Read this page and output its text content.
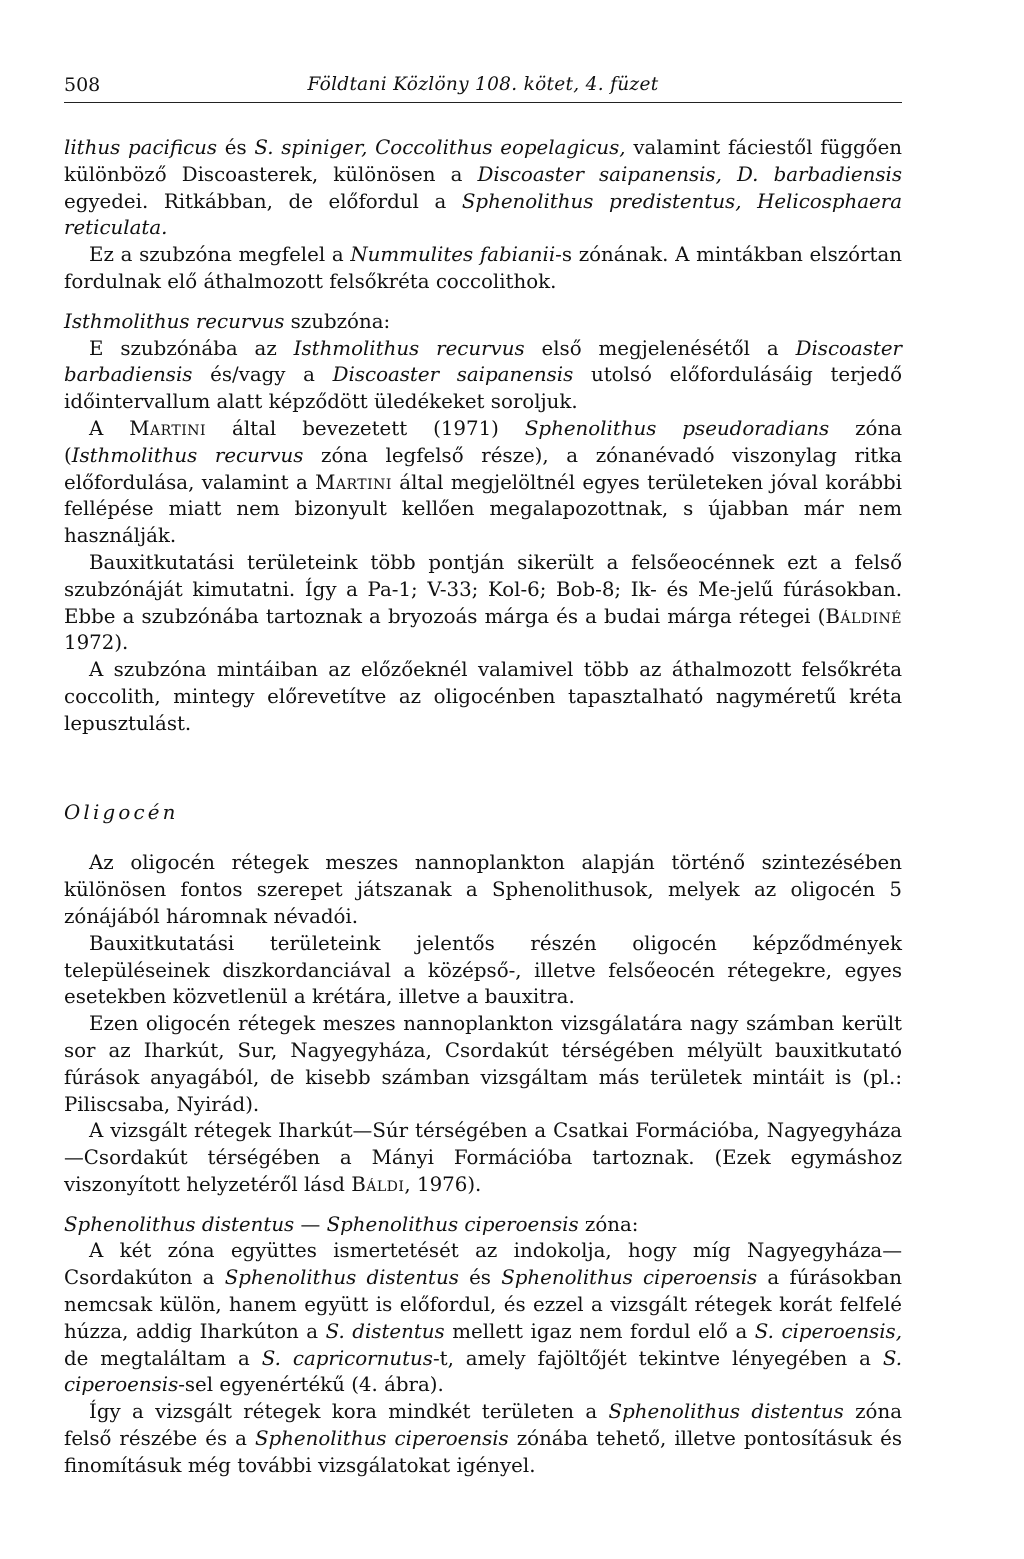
508	Földtani Közlöny 108. kötet, 4. füzet

lithus pacificus és S. spiniger, Coccolithus eopelagicus, valamint fáciestől függően különböző Discoasterek, különösen a Discoaster saipanensis, D. barbadiensis egyedei. Ritkábban, de előfordul a Sphenolithus predistentus, Helicosphaera reticulata.

Ez a szubzóna megfelel a Nummulites fabianii-s zónának. A mintákban elszórtan fordulnak elő áthalmozott felsőkréta coccolithok.

Isthmolithus recurvus szubzóna:

E szubzónába az Isthmolithus recurvus első megjelenésétől a Discoaster barbadiensis és/vagy a Discoaster saipanensis utolsó előfordulásáig terjedő időintervallum alatt képződött üledékeket soroljuk.

A Martini által bevezetett (1971) Sphenolithus pseudoradians zóna (Isthmolithus recurvus zóna legfelső része), a zónanévadó viszonylag ritka előfordulása, valamint a Martini által megjelöltnél egyes területeken jóval korábbi fellépése miatt nem bizonyult kellően megalapozottnak, s újabban már nem használják.

Bauxitkutatási területeink több pontján sikerült a felsőeocénnek ezt a felső szubzónáját kimutatni. Így a Pa-1; V-33; Kol-6; Bob-8; Ik- és Me-jelű fúrásokban. Ebbe a szubzónába tartoznak a bryozoás márga és a budai márga rétegei (Báldiné 1972).

A szubzóna mintáiban az előzőeknél valamivel több az áthalmozott felsőkréta coccolith, mintegy előrevetítve az oligocénben tapasztalható nagyméretű kréta lepusztulást.

Oligocén

Az oligocén rétegek meszes nannoplankton alapján történő szintezésében különösen fontos szerepet játszanak a Sphenolithusok, melyek az oligocén 5 zónájából háromnak névadói.

Bauxitkutatási területeink jelentős részén oligocén képződmények településeinek diszkordanciával a középső-, illetve felsőeocén rétegekre, egyes esetekben közvetlenül a krétára, illetve a bauxitra.

Ezen oligocén rétegek meszes nannoplankton vizsgálatára nagy számban került sor az Iharkút, Sur, Nagyegyháza, Csordakút térségében mélyült bauxitkutató fúrások anyagából, de kisebb számban vizsgáltam más területek mintáit is (pl.: Piliscsaba, Nyirád).

A vizsgált rétegek Iharkút—Súr térségében a Csatkai Formációba, Nagyegyháza—Csordakút térségében a Mányi Formációba tartoznak. (Ezek egymáshoz viszonyított helyzetéről lásd Báldi, 1976).

Sphenolithus distentus — Sphenolithus ciperoensis zóna:

A két zóna együttes ismertetését az indokolja, hogy míg Nagyegyháza—Csordakúton a Sphenolithus distentus és Sphenolithus ciperoensis a fúrásokban nemcsak külön, hanem együtt is előfordul, és ezzel a vizsgált rétegek korát felfelé húzza, addig Iharkúton a S. distentus mellett igaz nem fordul elő a S. ciperoensis, de megtaláltam a S. capricornutus-t, amely fajöltőjét tekintve lényegében a S. ciperoensis-sel egyenértékű (4. ábra).

Így a vizsgált rétegek kora mindkét területen a Sphenolithus distentus zóna felső részébe és a Sphenolithus ciperoensis zónába tehető, illetve pontosításuk és finomításuk még további vizsgálatokat igényel.
